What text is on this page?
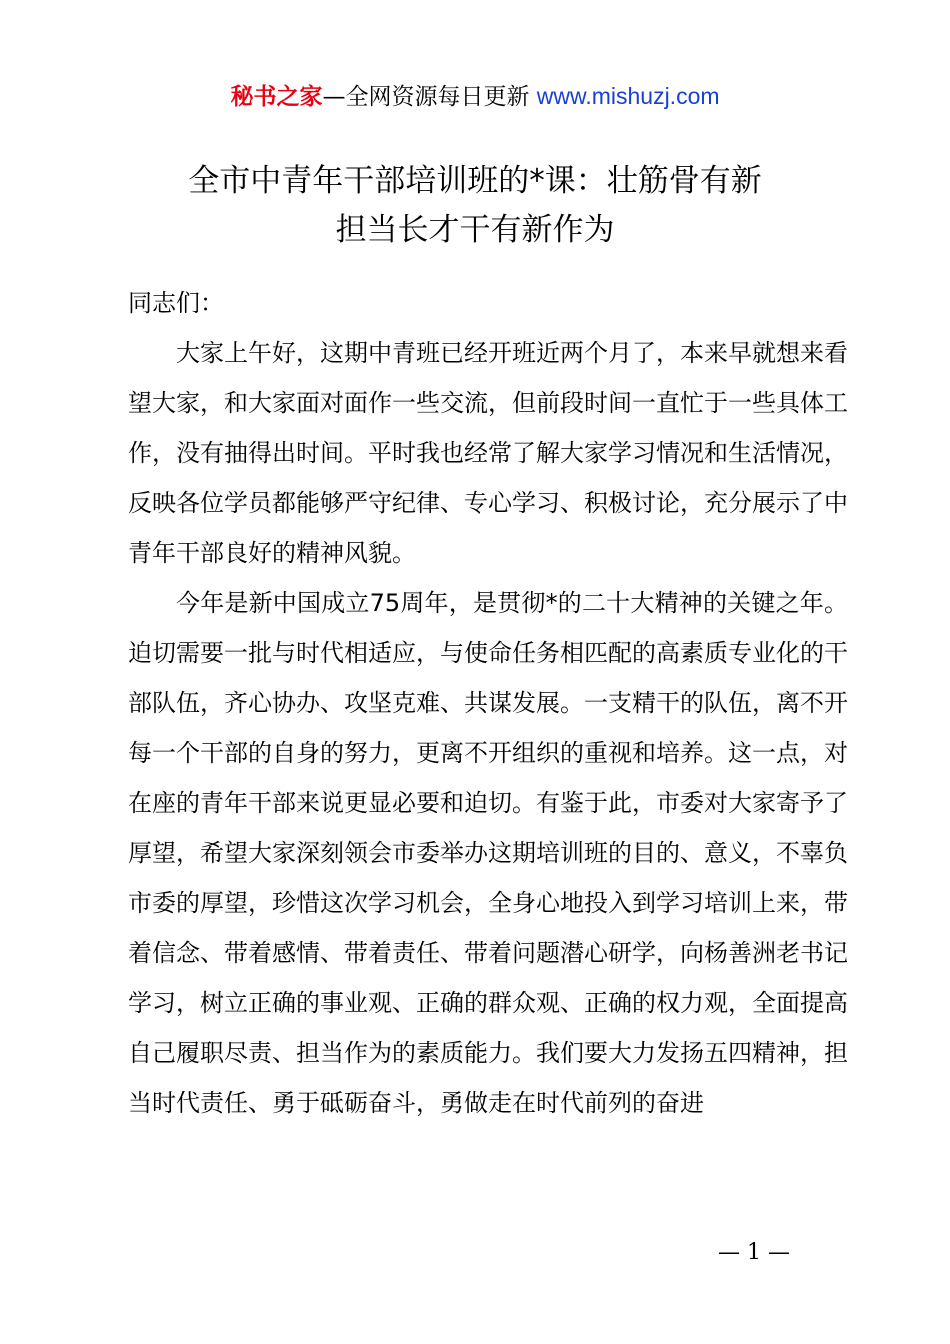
秘书之家—全网资源每日更新 www.mishuzj.com
全市中青年干部培训班的*课：壮筋骨有新
担当长才干有新作为

同志们：

大家上午好，这期中青班已经开班近两个月了，本来早就想来看望大家，和大家面对面作一些交流，但前段时间一直忙于一些具体工作，没有抽得出时间。平时我也经常了解大家学习情况和生活情况，反映各位学员都能够严守纪律、专心学习、积极讨论，充分展示了中青年干部良好的精神风貌。

今年是新中国成立75周年，是贯彻*的二十大精神的关键之年。迫切需要一批与时代相适应，与使命任务相匹配的高素质专业化的干部队伍，齐心协办、攻坚克难、共谋发展。一支精干的队伍，离不开每一个干部的自身的努力，更离不开组织的重视和培养。这一点，对在座的青年干部来说更显必要和迫切。有鉴于此，市委对大家寄予了厚望，希望大家深刻领会市委举办这期培训班的目的、意义，不辜负市委的厚望，珍惜这次学习机会，全身心地投入到学习培训上来，带着信念、带着感情、带着责任、带着问题潜心研学，向杨善洲老书记学习，树立正确的事业观、正确的群众观、正确的权力观，全面提高自己履职尽责、担当作为的素质能力。我们要大力发扬五四精神，担当时代责任、勇于砥砺奋斗，勇做走在时代前列的奋进

— 1 —
